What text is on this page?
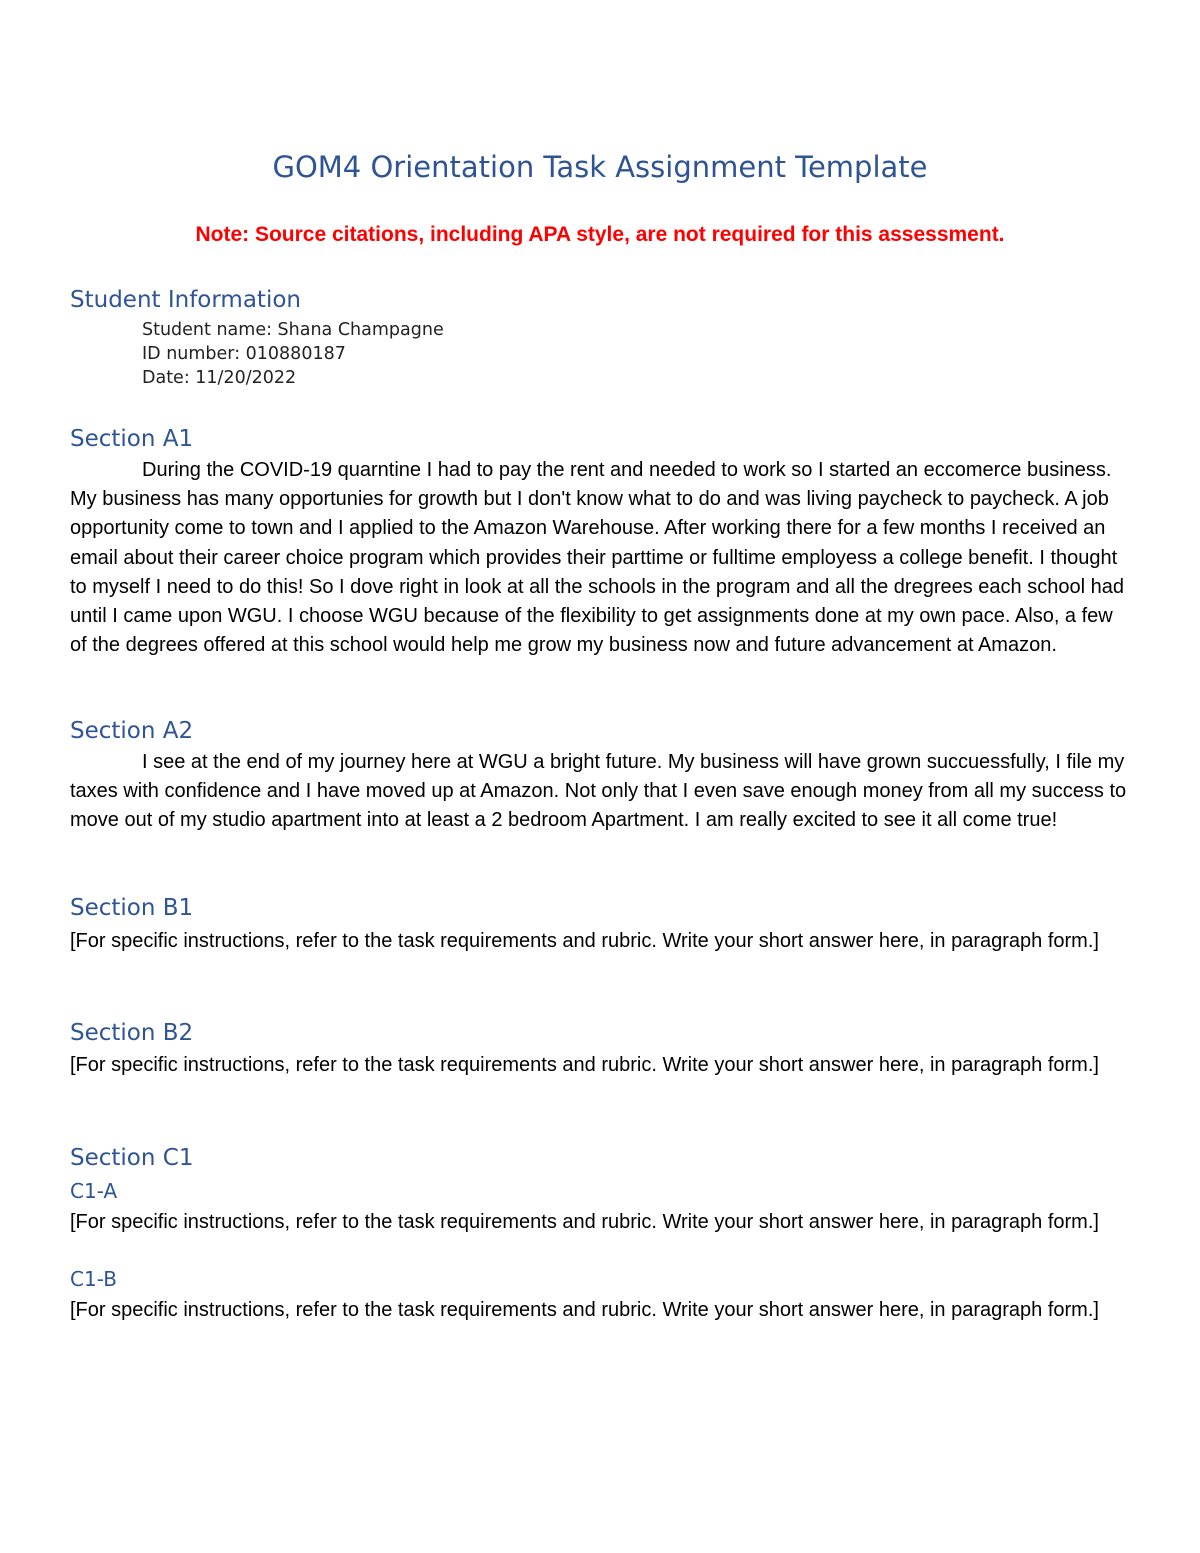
GOM4 Orientation Task Assignment Template

Note: Source citations, including APA style, are not required for this assessment.

Student Information

Student name: Shana Champagne

ID number: 010880187

Date: 11/20/2022

Section A1

During the COVID-19 quarntine I had to pay the rent and needed to work so I started an eccomerce business. My business has many opportunies for growth but I don't know what to do and was living paycheck to paycheck. A job opportunity come to town and I applied to the Amazon Warehouse. After working there for a few months I received an email about their career choice program which provides their parttime or fulltime employess a college benefit. I thought to myself I need to do this! So I dove right in look at all the schools in the program and all the dregrees each school had until I came upon WGU. I choose WGU because of the flexibility to get assignments done at my own pace. Also, a few of the degrees offered at this school would help me grow my business now and future advancement at Amazon.

Section A2

I see at the end of my journey here at WGU a bright future. My business will have grown succuessfully, I file my taxes with confidence and I have moved up at Amazon. Not only that I even save enough money from all my success to move out of my studio apartment into at least a 2 bedroom Apartment. I am really excited to see it all come true!

Section B1

[For specific instructions, refer to the task requirements and rubric. Write your short answer here, in paragraph form.]

Section B2

[For specific instructions, refer to the task requirements and rubric. Write your short answer here, in paragraph form.]

Section C1
C1-A

[For specific instructions, refer to the task requirements and rubric. Write your short answer here, in paragraph form.]

C1-B

[For specific instructions, refer to the task requirements and rubric. Write your short answer here, in paragraph form.]
